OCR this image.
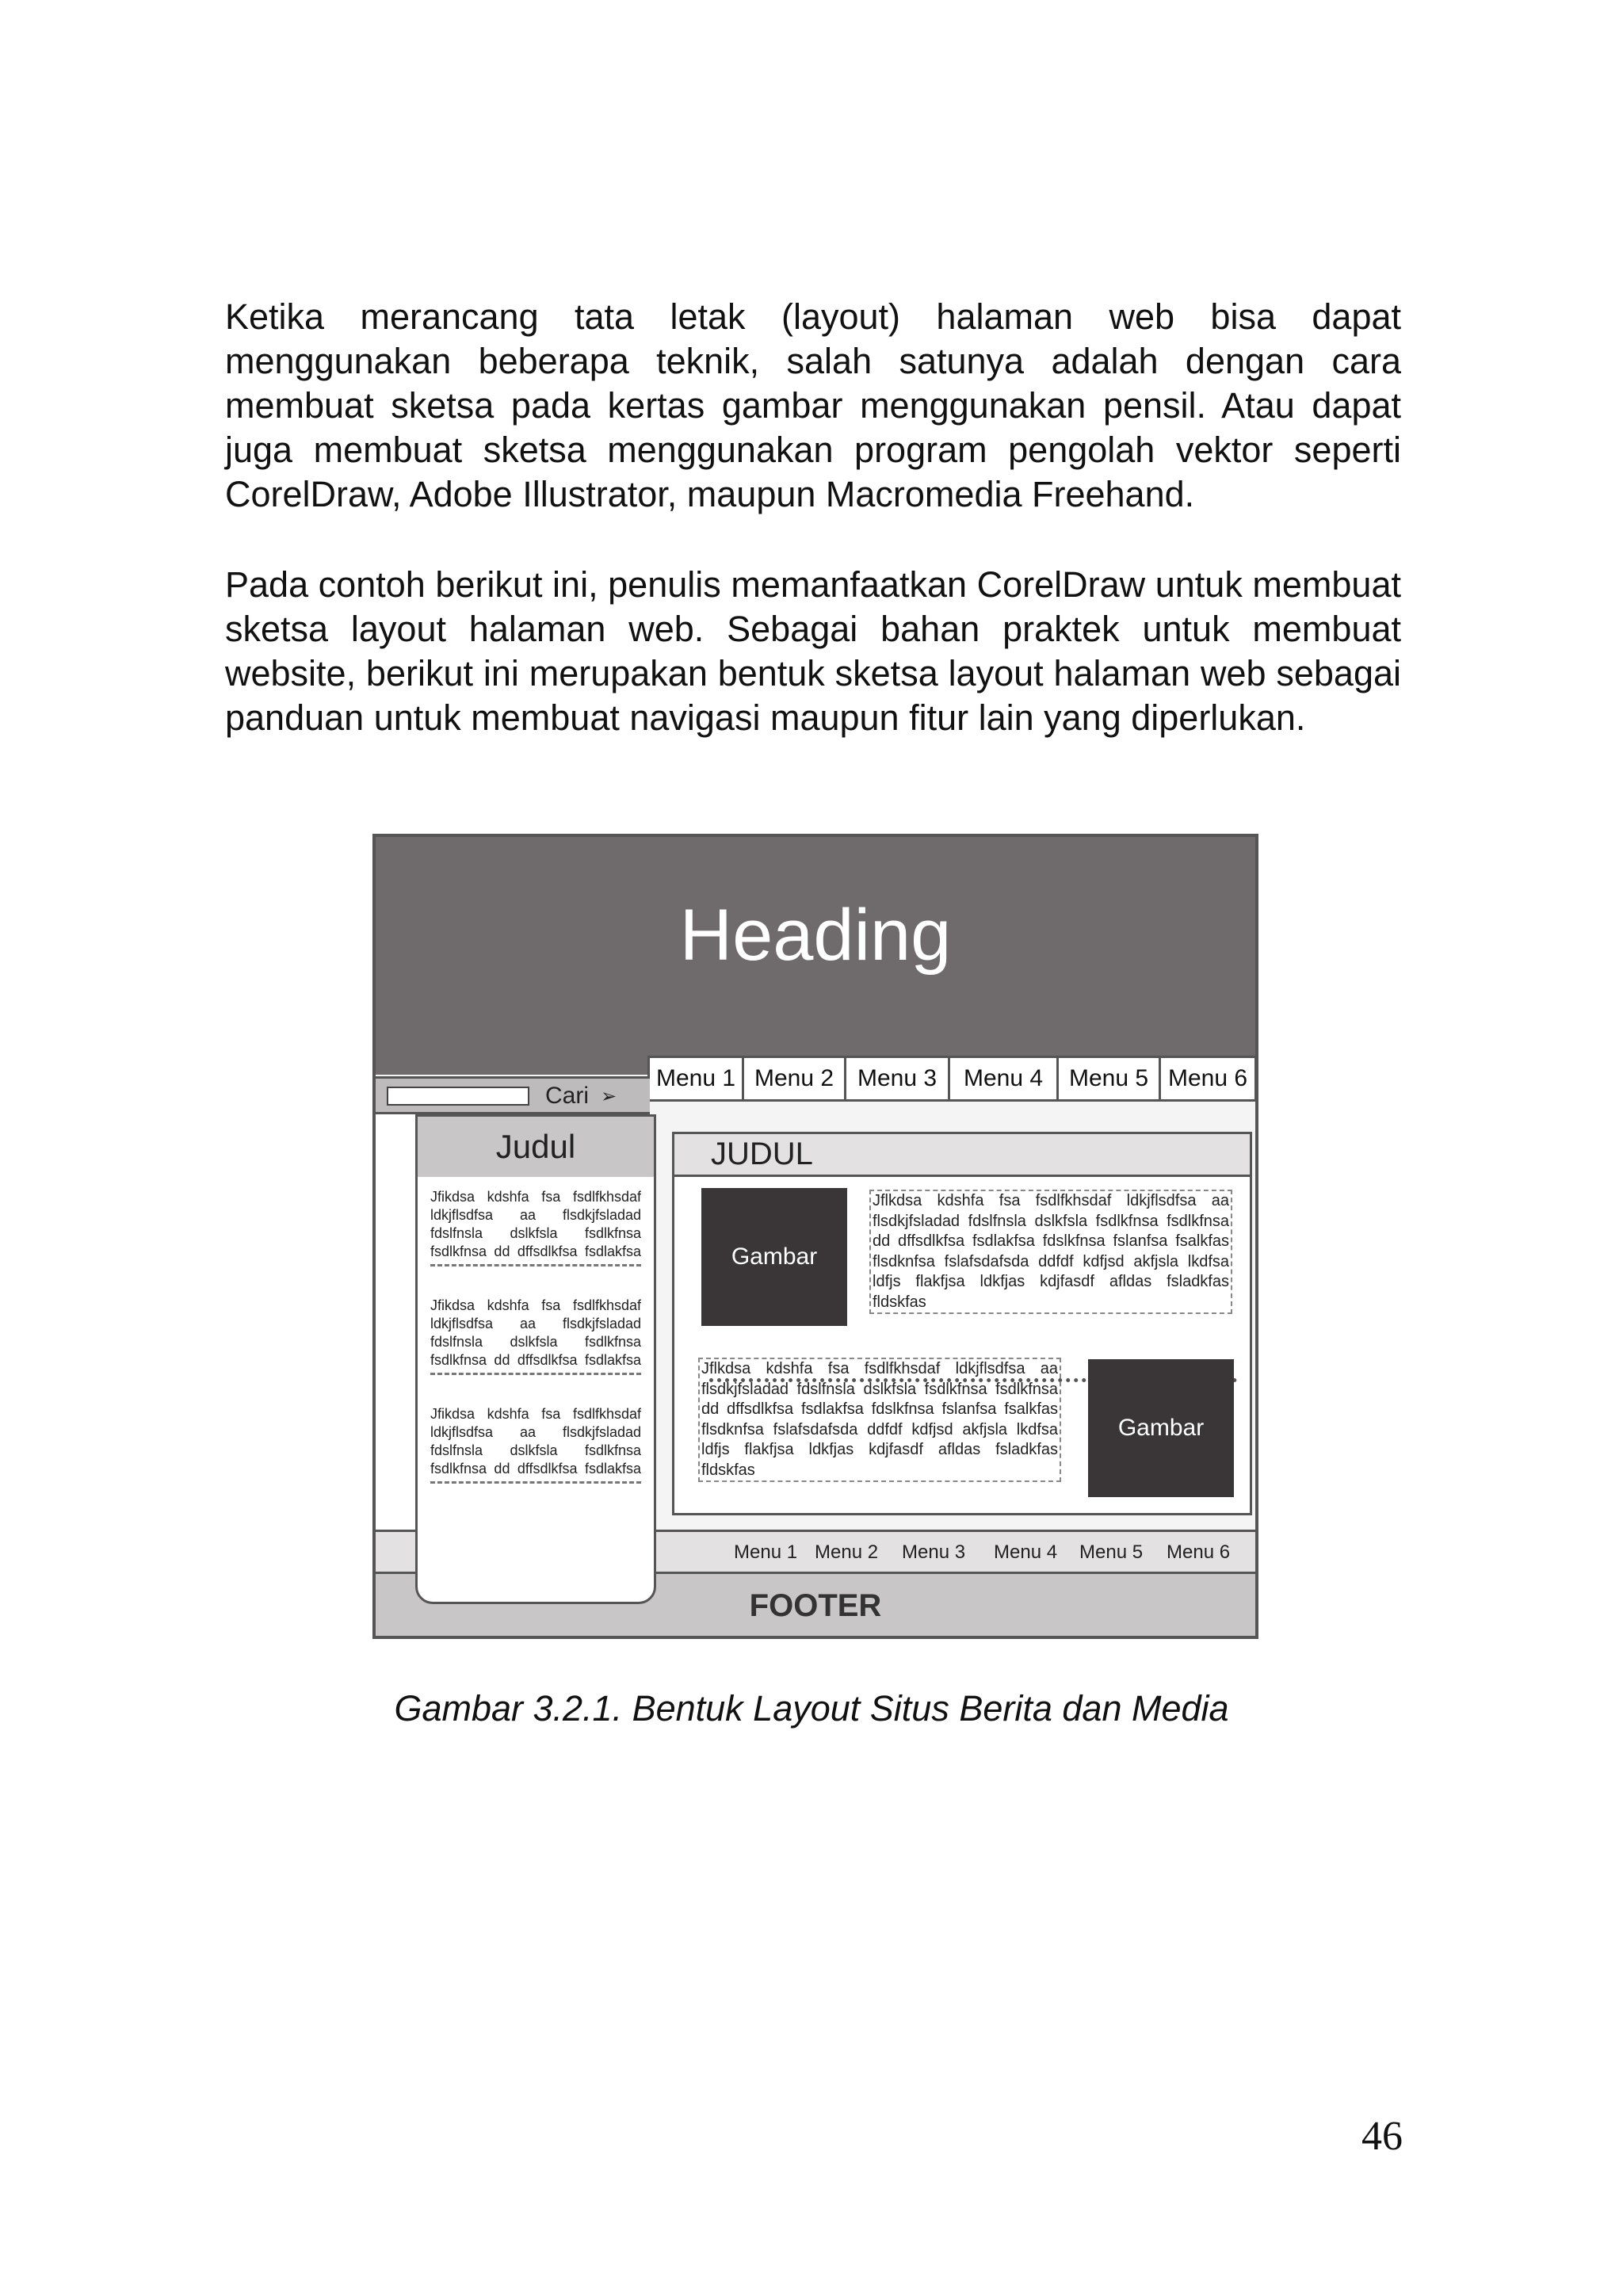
Ketika merancang tata letak (layout) halaman web bisa dapat menggunakan beberapa teknik, salah satunya adalah dengan cara membuat sketsa pada kertas gambar menggunakan pensil. Atau dapat juga membuat sketsa menggunakan program pengolah vektor seperti CorelDraw, Adobe Illustrator, maupun Macromedia Freehand.

Pada contoh berikut ini, penulis memanfaatkan CorelDraw untuk membuat sketsa layout halaman web. Sebagai bahan praktek untuk membuat website, berikut ini merupakan bentuk sketsa layout halaman web sebagai panduan untuk membuat navigasi maupun fitur lain yang diperlukan.

Heading
Menu 1 Menu 2 Menu 3	Menu 4	Menu 5 Menu 6
Cari ➢
Judul
Jfikdsa kdshfa fsa fsdlfkhsdaf ldkjflsdfsa aa flsdkjfsladad fdslfnsla dslkfsla fsdlkfnsa fsdlkfnsa dd dffsdlkfsa fsdlakfsa
Jfikdsa kdshfa fsa fsdlfkhsdaf ldkjflsdfsa aa flsdkjfsladad fdslfnsla dslkfsla fsdlkfnsa fsdlkfnsa dd dffsdlkfsa fsdlakfsa
Jfikdsa kdshfa fsa fsdlfkhsdaf ldkjflsdfsa aa flsdkjfsladad fdslfnsla dslkfsla fsdlkfnsa fsdlkfnsa dd dffsdlkfsa fsdlakfsa
JUDUL
Gambar
Jflkdsa kdshfa fsa fsdlfkhsdaf ldkjflsdfsa aa flsdkjfsladad fdslfnsla dslkfsla fsdlkfnsa fsdlkfnsa dd dffsdlkfsa fsdlakfsa fdslkfnsa fslanfsa fsalkfas flsdknfsa fslafsdafsda ddfdf kdfjsd akfjsla lkdfsa ldfjs flakfjsa ldkfjas kdjfasdf afldas fsladkfas fldskfas
Jflkdsa kdshfa fsa fsdlfkhsdaf ldkjflsdfsa aa flsdkjfsladad fdslfnsla dslkfsla fsdlkfnsa fsdlkfnsa dd dffsdlkfsa fsdlakfsa fdslkfnsa fslanfsa fsalkfas flsdknfsa fslafsdafsda ddfdf kdfjsd akfjsla lkdfsa ldfjs flakfjsa ldkfjas kdjfasdf afldas fsladkfas fldskfas
Gambar
Menu 1 Menu 2	Menu 3	Menu 4	Menu 5	Menu 6
FOOTER
Gambar 3.2.1. Bentuk Layout Situs Berita dan Media
46
